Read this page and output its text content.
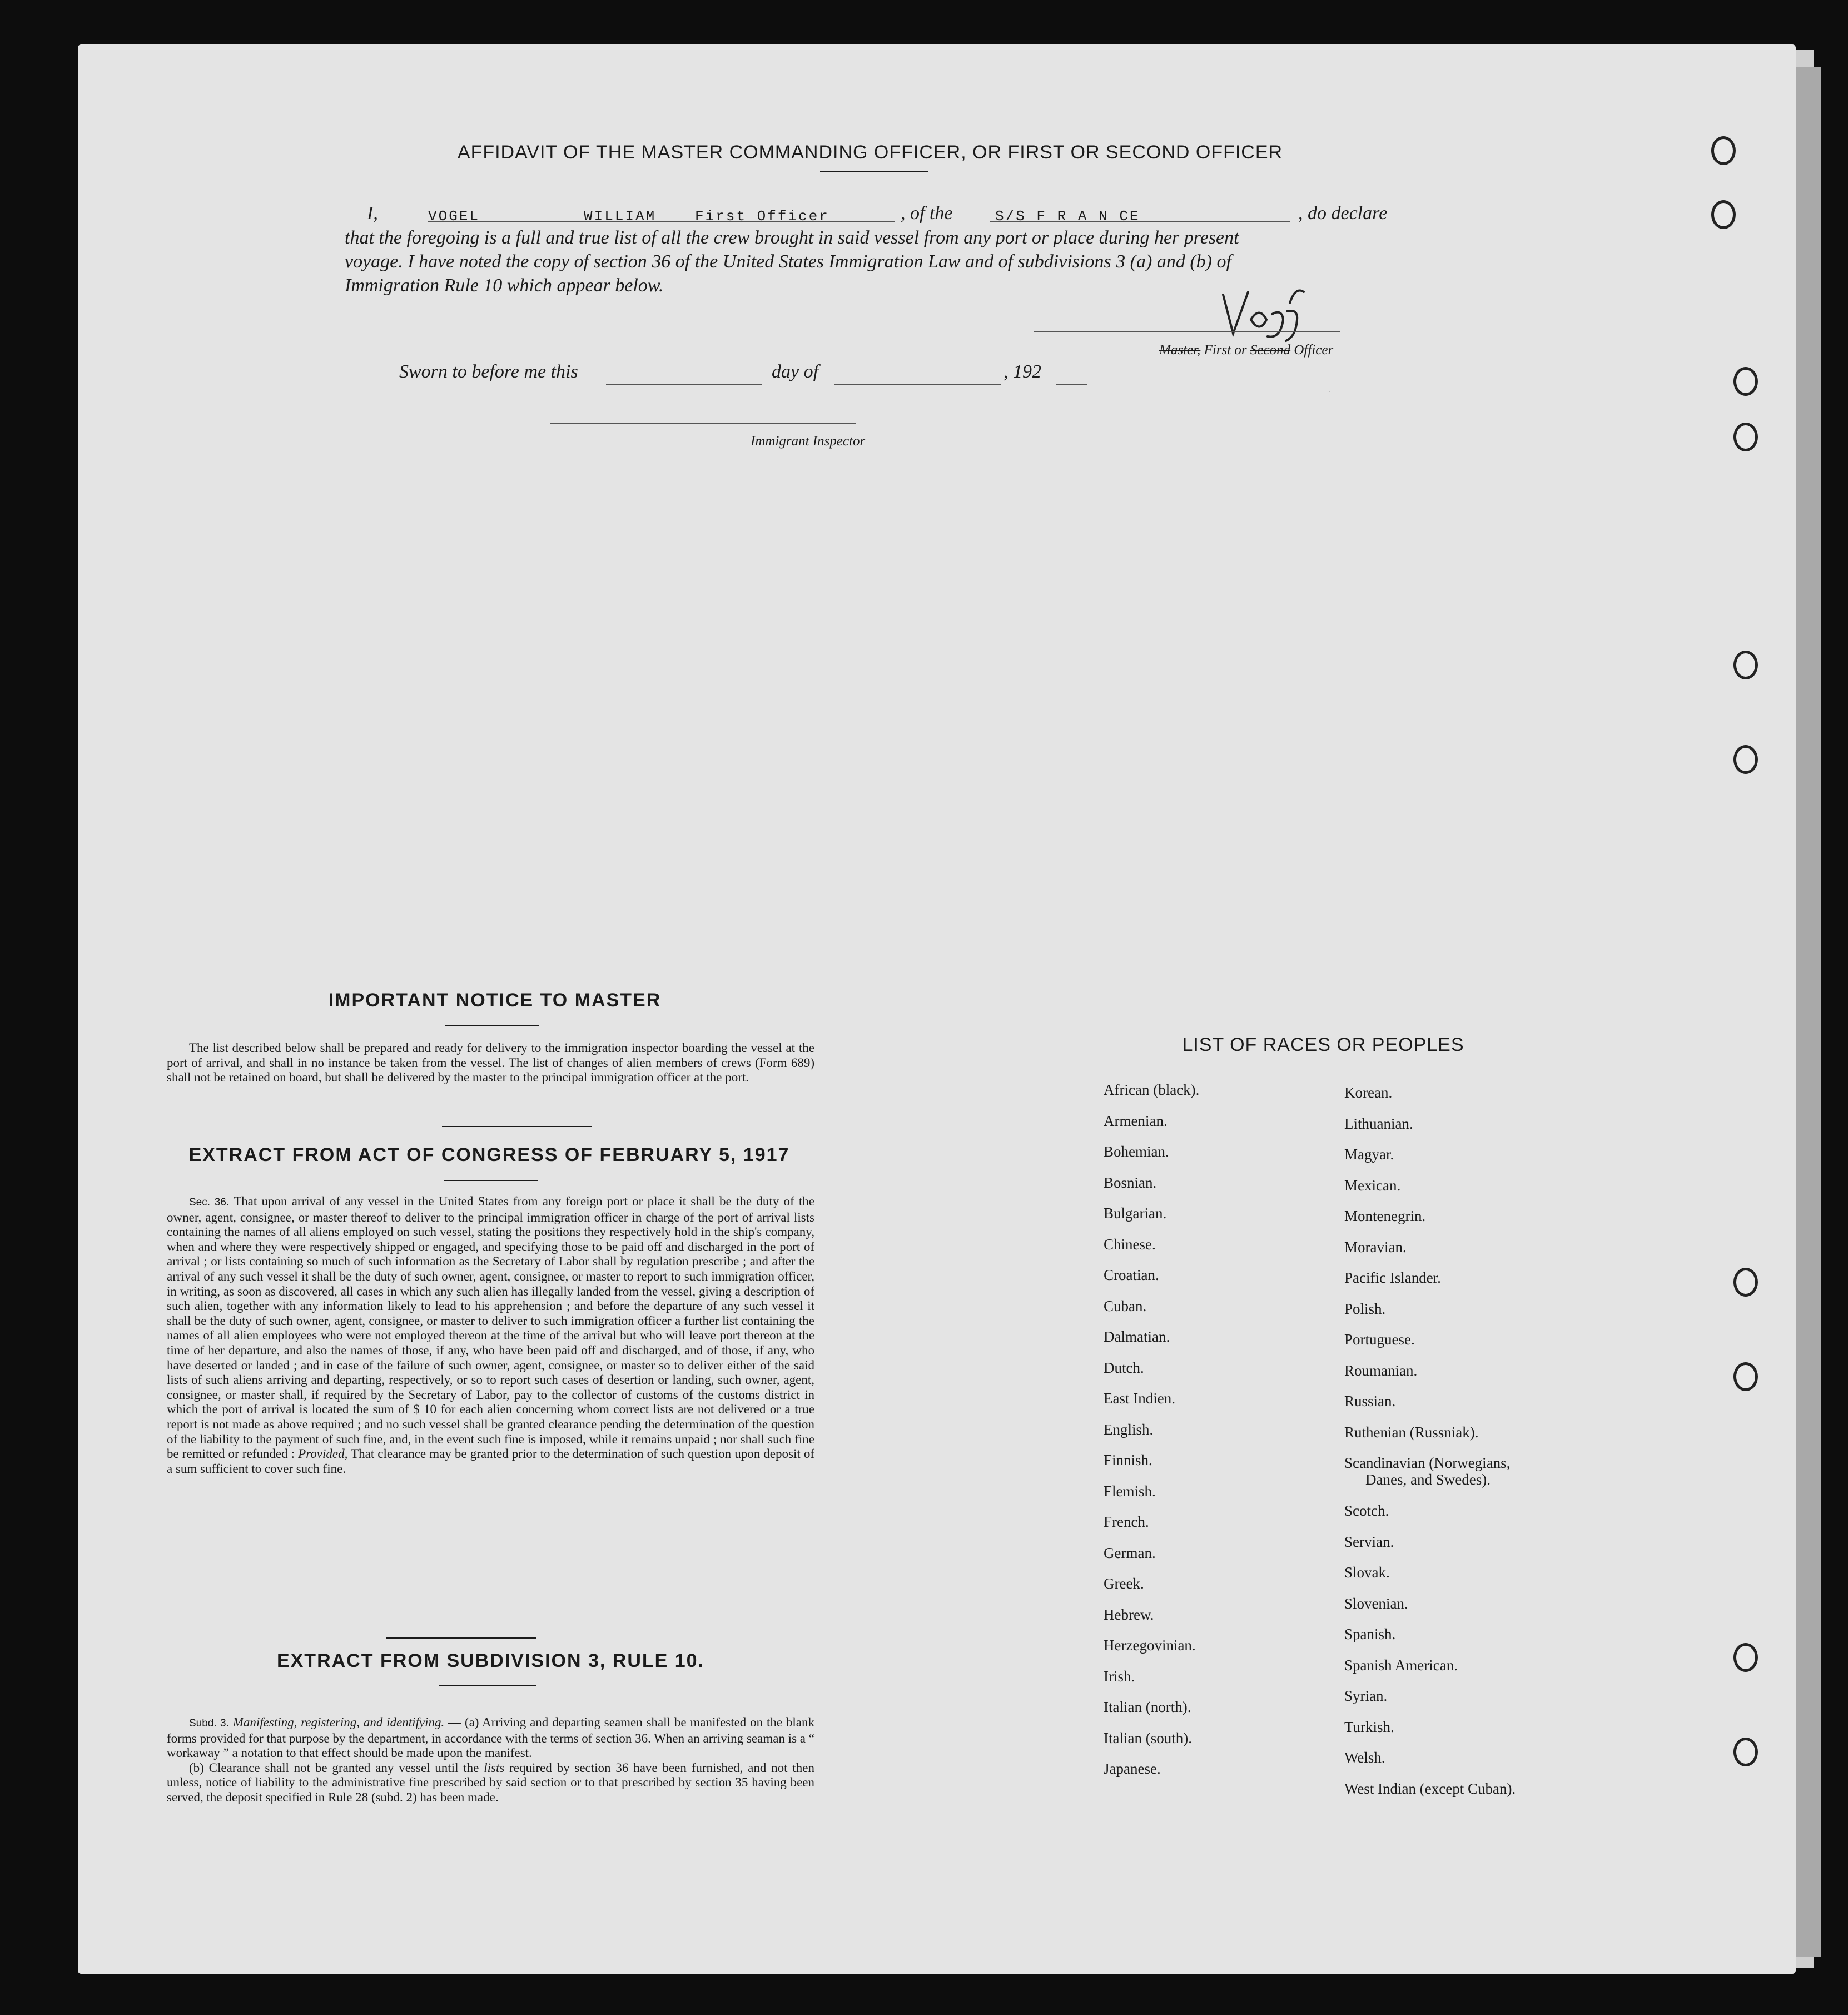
AFFIDAVIT OF THE MASTER COMMANDING OFFICER, OR FIRST OR SECOND OFFICER
I,	VOGEL	WILLIAM	First Officer	, of the	S/S F R A N CE	, do declare
that the foregoing is a full and true list of all the crew brought in said vessel from any port or place during her present
voyage. I have noted the copy of section 36 of the United States Immigration Law and of subdivisions 3 (a) and (b) of
Immigration Rule 10 which appear below.
Vogel
Master, First or Second Officer
Sworn to before me this	day of	, 192
Immigrant Inspector
IMPORTANT NOTICE TO MASTER

The list described below shall be prepared and ready for delivery to the immigration inspector boarding the vessel at the port of arrival, and shall in no instance be taken from the vessel. The list of changes of alien members of crews (Form 689) shall not be retained on board, but shall be delivered by the master to the principal immigration officer at the port.

EXTRACT FROM ACT OF CONGRESS OF FEBRUARY 5, 1917

Sec. 36. That upon arrival of any vessel in the United States from any foreign port or place it shall be the duty of the owner, agent, consignee, or master thereof to deliver to the principal immigration officer in charge of the port of arrival lists containing the names of all aliens employed on such vessel, stating the positions they respectively hold in the ship's company, when and where they were respectively shipped or engaged, and specifying those to be paid off and discharged in the port of arrival ; or lists containing so much of such information as the Secretary of Labor shall by regulation prescribe ; and after the arrival of any such vessel it shall be the duty of such owner, agent, consignee, or master to report to such immigration officer, in writing, as soon as discovered, all cases in which any such alien has illegally landed from the vessel, giving a description of such alien, together with any information likely to lead to his apprehension ; and before the departure of any such vessel it shall be the duty of such owner, agent, consignee, or master to deliver to such immigration officer a further list containing the names of all alien employees who were not employed thereon at the time of the arrival but who will leave port thereon at the time of her departure, and also the names of those, if any, who have been paid off and discharged, and of those, if any, who have deserted or landed ; and in case of the failure of such owner, agent, consignee, or master so to deliver either of the said lists of such aliens arriving and departing, respectively, or so to report such cases of desertion or landing, such owner, agent, consignee, or master shall, if required by the Secretary of Labor, pay to the collector of customs of the customs district in which the port of arrival is located the sum of $ 10 for each alien concerning whom correct lists are not delivered or a true report is not made as above required ; and no such vessel shall be granted clearance pending the determination of the question of the liability to the payment of such fine, and, in the event such fine is imposed, while it remains unpaid ; nor shall such fine be remitted or refunded : Provided, That clearance may be granted prior to the determination of such question upon deposit of a sum sufficient to cover such fine.

EXTRACT FROM SUBDIVISION 3, RULE 10.

Subd. 3. Manifesting, registering, and identifying. — (a) Arriving and departing seamen shall be manifested on the blank forms provided for that purpose by the department, in accordance with the terms of section 36. When an arriving seaman is a “ workaway ” a notation to that effect should be made upon the manifest.

(b) Clearance shall not be granted any vessel until the lists required by section 36 have been furnished, and not then unless, notice of liability to the administrative fine prescribed by said section or to that prescribed by section 35 having been served, the deposit specified in Rule 28 (subd. 2) has been made.

LIST OF RACES OR PEOPLES
African (black).
Armenian.
Bohemian.
Bosnian.
Bulgarian.
Chinese.
Croatian.
Cuban.
Dalmatian.
Dutch.
East Indien.
English.
Finnish.
Flemish.
French.
German.
Greek.
Hebrew.
Herzegovinian.
Irish.
Italian (north).
Italian (south).
Japanese.
Korean.
Lithuanian.
Magyar.
Mexican.
Montenegrin.
Moravian.
Pacific Islander.
Polish.
Portuguese.
Roumanian.
Russian.
Ruthenian (Russniak).
Scandinavian (Norwegians,
Danes, and Swedes).
Scotch.
Servian.
Slovak.
Slovenian.
Spanish.
Spanish American.
Syrian.
Turkish.
Welsh.
West Indian (except Cuban).
